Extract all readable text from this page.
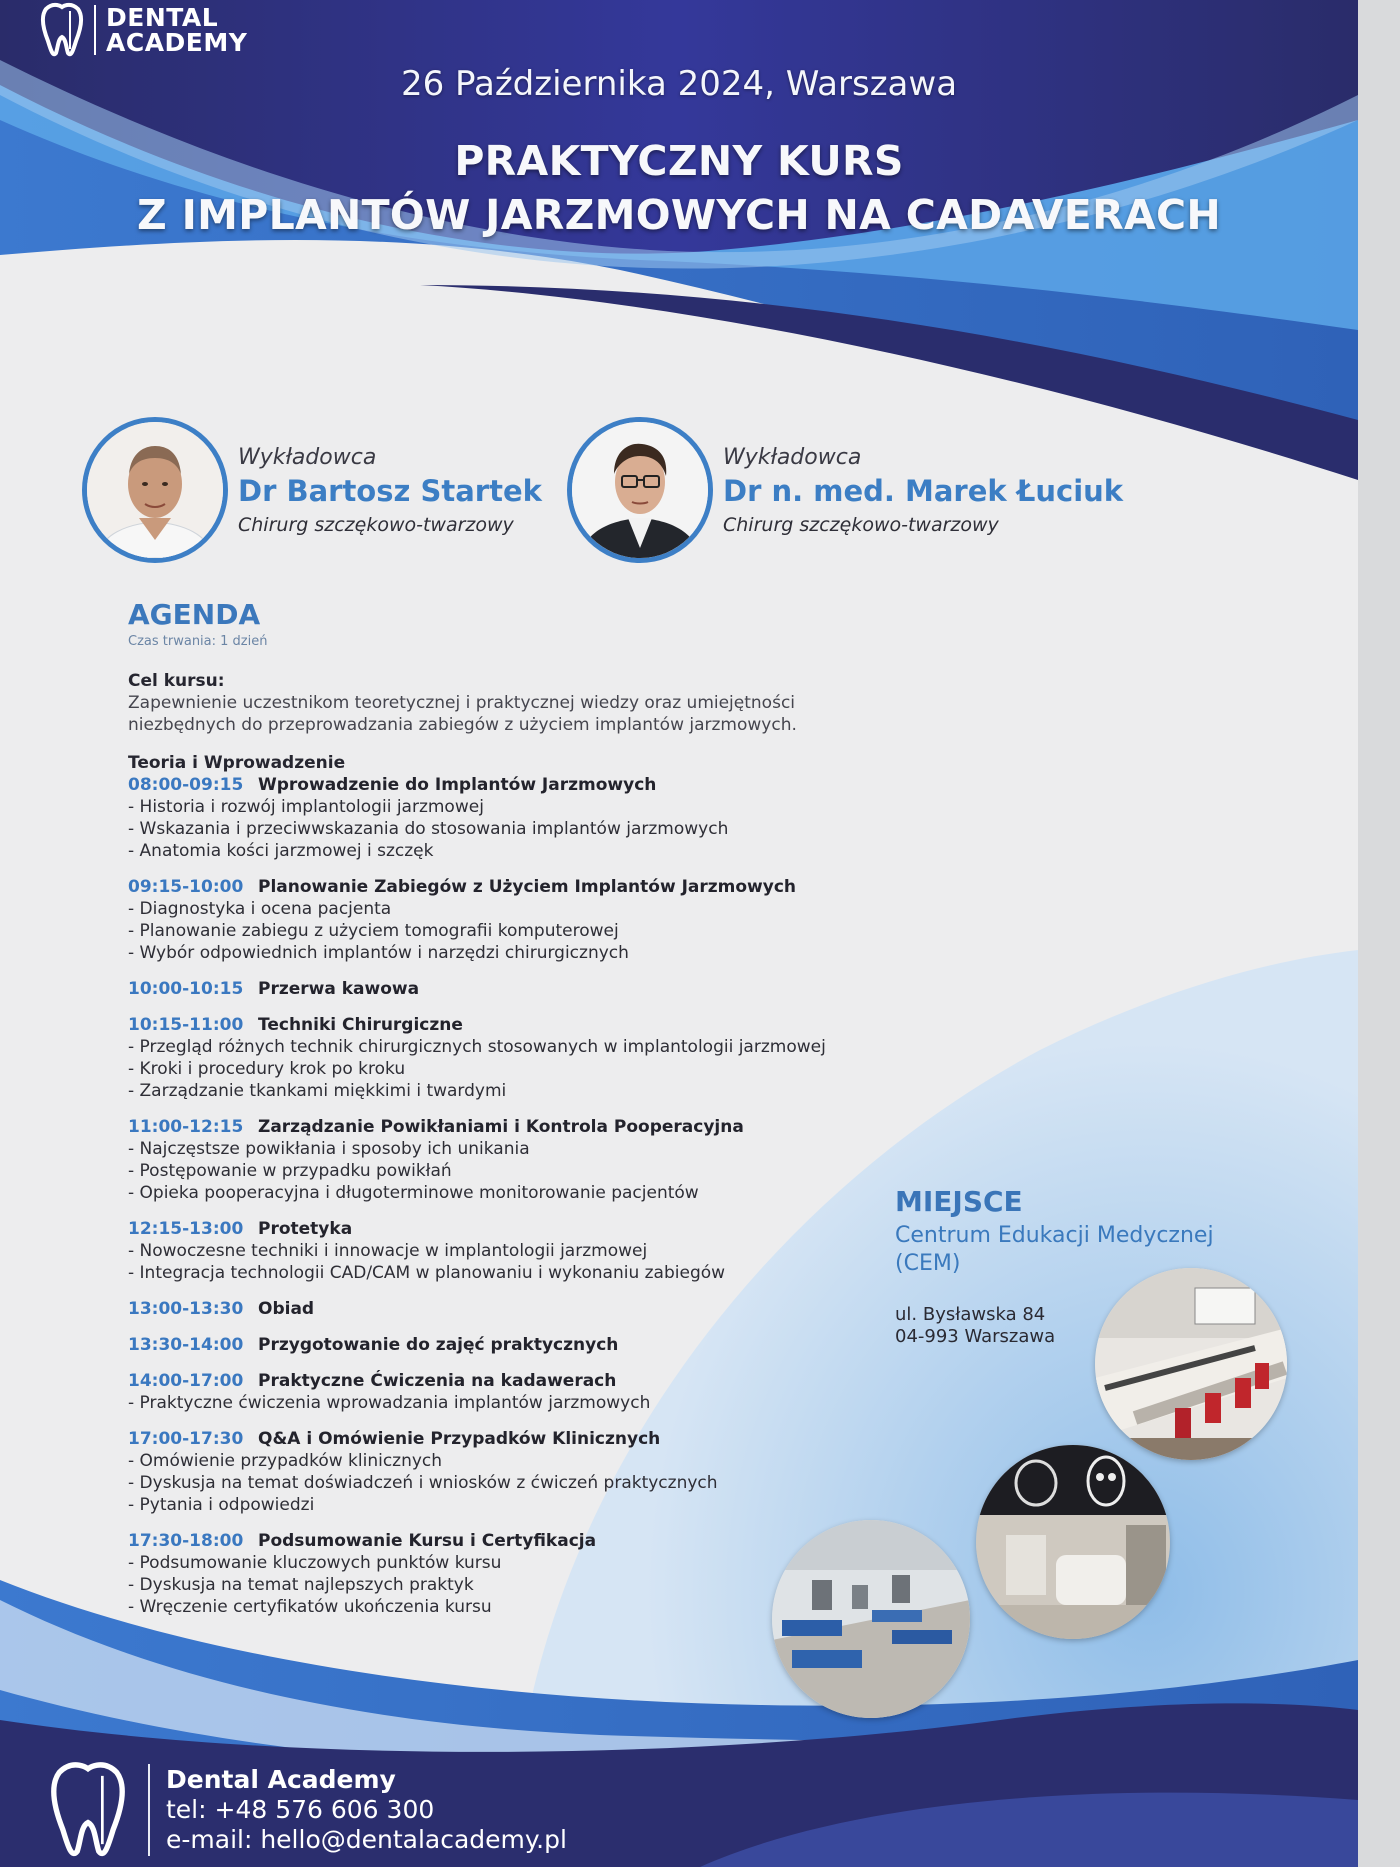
DENTAL
ACADEMY
26 Października 2024, Warszawa
PRAKTYCZNY KURS
Z IMPLANTÓW JARZMOWYCH NA CADAVERACH
Wykładowca
Dr Bartosz Startek
Chirurg szczękowo-twarzowy
Wykładowca
Dr n. med. Marek Łuciuk
Chirurg szczękowo-twarzowy
AGENDA
Czas trwania: 1 dzień
Cel kursu:
Zapewnienie uczestnikom teoretycznej i praktycznej wiedzy oraz umiejętności
niezbędnych do przeprowadzania zabiegów z użyciem implantów jarzmowych.
Teoria i Wprowadzenie
08:00-09:15 Wprowadzenie do Implantów Jarzmowych
- Historia i rozwój implantologii jarzmowej
- Wskazania i przeciwwskazania do stosowania implantów jarzmowych
- Anatomia kości jarzmowej i szczęk
09:15-10:00 Planowanie Zabiegów z Użyciem Implantów Jarzmowych
- Diagnostyka i ocena pacjenta
- Planowanie zabiegu z użyciem tomografii komputerowej
- Wybór odpowiednich implantów i narzędzi chirurgicznych
10:00-10:15 Przerwa kawowa
10:15-11:00 Techniki Chirurgiczne
- Przegląd różnych technik chirurgicznych stosowanych w implantologii jarzmowej
- Kroki i procedury krok po kroku
- Zarządzanie tkankami miękkimi i twardymi
11:00-12:15 Zarządzanie Powikłaniami i Kontrola Pooperacyjna
- Najczęstsze powikłania i sposoby ich unikania
- Postępowanie w przypadku powikłań
- Opieka pooperacyjna i długoterminowe monitorowanie pacjentów
12:15-13:00 Protetyka
- Nowoczesne techniki i innowacje w implantologii jarzmowej
- Integracja technologii CAD/CAM w planowaniu i wykonaniu zabiegów
13:00-13:30 Obiad
13:30-14:00 Przygotowanie do zajęć praktycznych
14:00-17:00 Praktyczne Ćwiczenia na kadawerach
- Praktyczne ćwiczenia wprowadzania implantów jarzmowych
17:00-17:30 Q&A i Omówienie Przypadków Klinicznych
- Omówienie przypadków klinicznych
- Dyskusja na temat doświadczeń i wniosków z ćwiczeń praktycznych
- Pytania i odpowiedzi
17:30-18:00 Podsumowanie Kursu i Certyfikacja
- Podsumowanie kluczowych punktów kursu
- Dyskusja na temat najlepszych praktyk
- Wręczenie certyfikatów ukończenia kursu
MIEJSCE
Centrum Edukacji Medycznej
(CEM)
ul. Bysławska 84
04-993 Warszawa
Dental Academy
tel: +48 576 606 300
e-mail: hello@dentalacademy.pl
